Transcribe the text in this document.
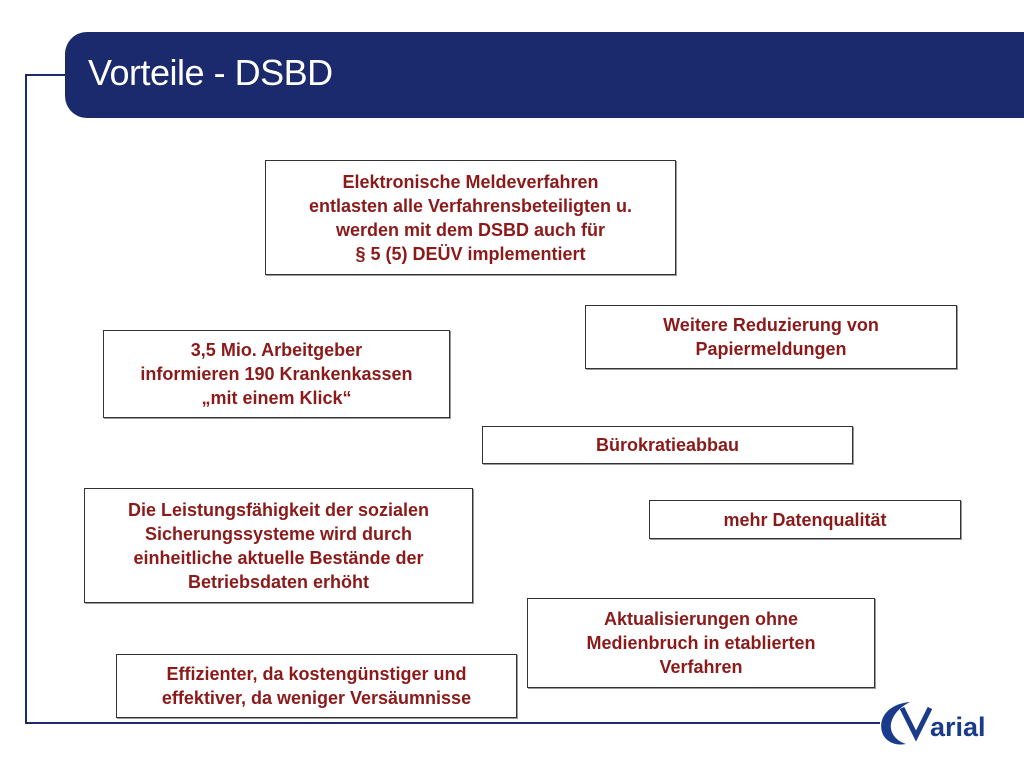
Vorteile - DSBD
Elektronische Meldeverfahren
entlasten alle Verfahrensbeteiligten u.
werden mit dem DSBD auch für
§ 5 (5) DEÜV implementiert
Weitere Reduzierung von
Papiermeldungen
3,5 Mio. Arbeitgeber
informieren 190 Krankenkassen
„mit einem Klick“
Bürokratieabbau
Die Leistungsfähigkeit der sozialen
Sicherungssysteme wird durch
einheitliche aktuelle Bestände der
Betriebsdaten erhöht
mehr Datenqualität
Aktualisierungen ohne
Medienbruch in etablierten
Verfahren
Effizienter, da kostengünstiger und
effektiver, da weniger Versäumnisse
arial
